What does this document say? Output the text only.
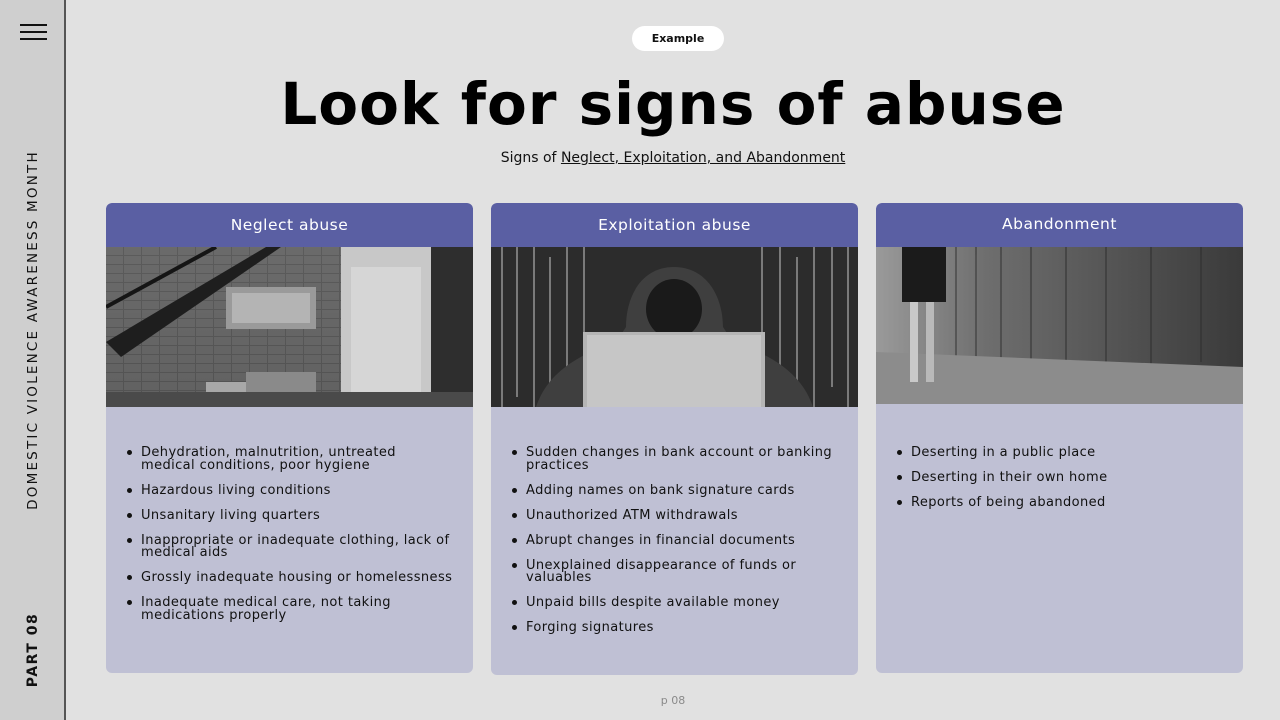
DOMESTIC VIOLENCE AWARENESS MONTH
PART 08
Example
Look for signs of abuse
Signs of Neglect, Exploitation, and Abandonment
Neglect abuse
Dehydration, malnutrition, untreated medical conditions, poor hygiene
Hazardous living conditions
Unsanitary living quarters
Inappropriate or inadequate clothing, lack of medical aids
Grossly inadequate housing or homelessness
Inadequate medical care, not taking medications properly
Exploitation abuse
Sudden changes in bank account or banking practices
Adding names on bank signature cards
Unauthorized ATM withdrawals
Abrupt changes in financial documents
Unexplained disappearance of funds or valuables
Unpaid bills despite available money
Forging signatures
Abandonment
Deserting in a public place
Deserting in their own home
Reports of being abandoned
p 08
